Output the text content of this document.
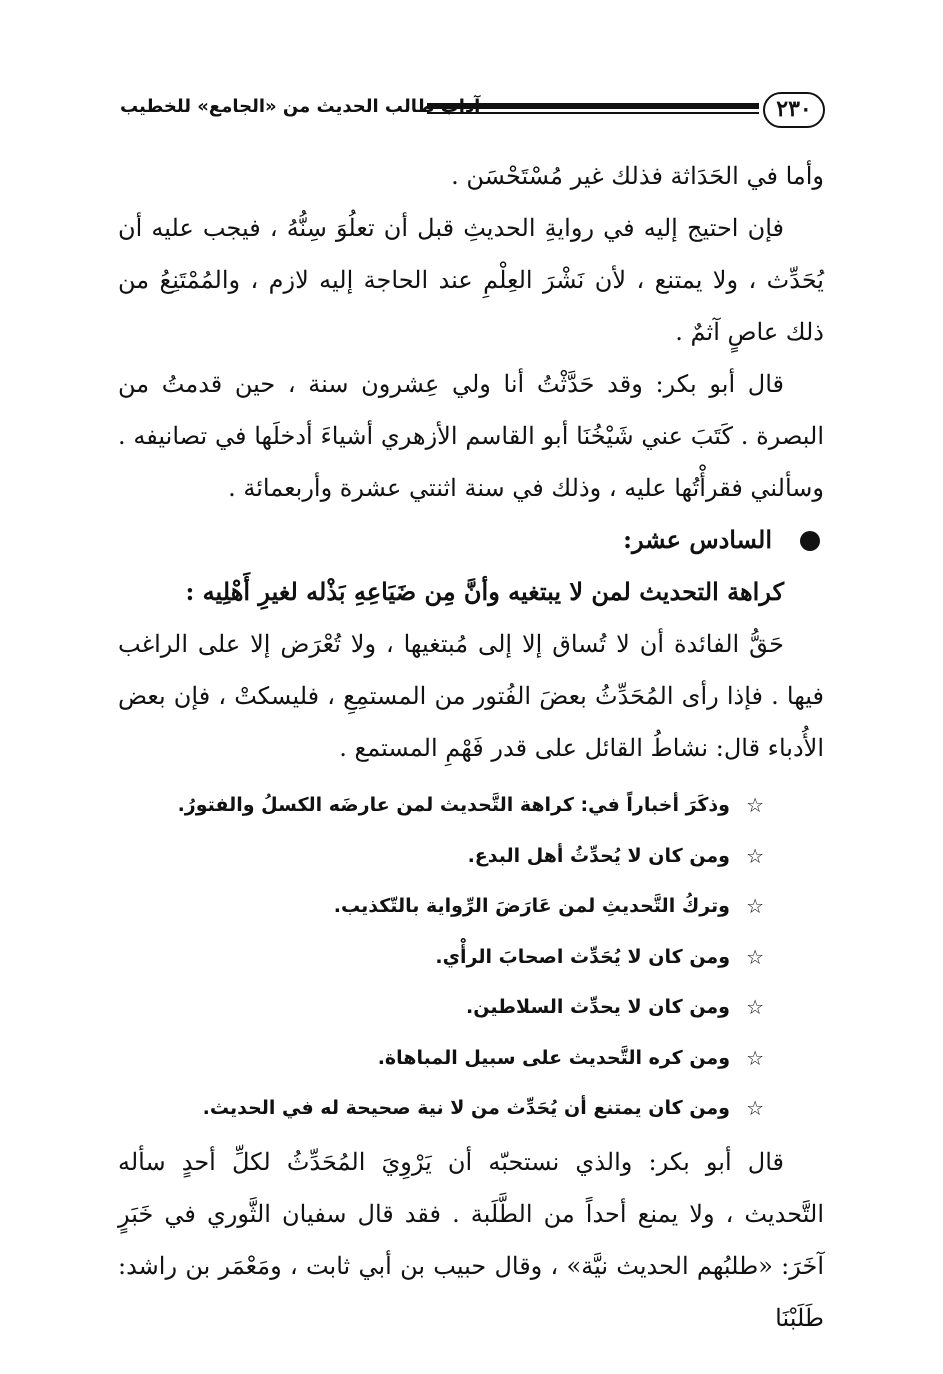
٢٣٠
آداب طالب الحديث من «الجامع» للخطيب

وأما في الحَدَاثة فذلك غير مُسْتَحْسَن .

فإن احتيج إليه في روايةِ الحديثِ قبل أن تعلُوَ سِنُّهُ ، فيجب عليه أن يُحَدِّث ، ولا يمتنع ، لأن نَشْرَ العِلْمِ عند الحاجة إليه لازم ، والمُمْتَنِعُ من ذلك عاصٍ آثمٌ .

قال أبو بكر: وقد حَدَّثْتُ أنا ولي عِشرون سنة ، حين قدمتُ من البصرة . كَتَبَ عني شَيْخُنَا أبو القاسم الأزهري أشياءَ أدخلَها في تصانيفه . وسألني فقرأْتُها عليه ، وذلك في سنة اثنتي عشرة وأربعمائة .

السادس عشر:

كراهة التحديث لمن لا يبتغيه وأنَّ مِن ضَيَاعِهِ بَذْله لغيرِ أَهْلِيه :

حَقُّ الفائدة أن لا تُساق إلا إلى مُبتغيها ، ولا تُعْرَض إلا على الراغب فيها . فإذا رأى المُحَدِّثُ بعضَ الفُتور من المستمِعِ ، فليسكتْ ، فإن بعض الأُدباء قال: نشاطُ القائل على قدر فَهْمِ المستمع .

☆
وذكَرَ أخباراً في: كراهة التَّحديث لمن عارضَه الكسلُ والفتورُ.
☆
ومن كان لا يُحدِّثُ أهل البدع.
☆
وتركُ التَّحديثِ لمن عَارَضَ الرِّواية بالتّكذيب.
☆
ومن كان لا يُحَدِّث اصحابَ الرأْي.
☆
ومن كان لا يحدِّث السلاطين.
☆
ومن كره التَّحديث على سبيل المباهاة.
☆
ومن كان يمتنع أن يُحَدِّث من لا نية صحيحة له في الحديث.

قال أبو بكر: والذي نستحبّه أن يَرْوِيَ المُحَدِّثُ لكلِّ أحدٍ سأله التَّحديث ، ولا يمنع أحداً من الطَّلَبة . فقد قال سفيان الثَّوري في خَبَرٍ آخَرَ: «طلبُهم الحديث نيَّة» ، وقال حبيب بن أبي ثابت ، ومَعْمَر بن راشد: طَلَبْنَا
